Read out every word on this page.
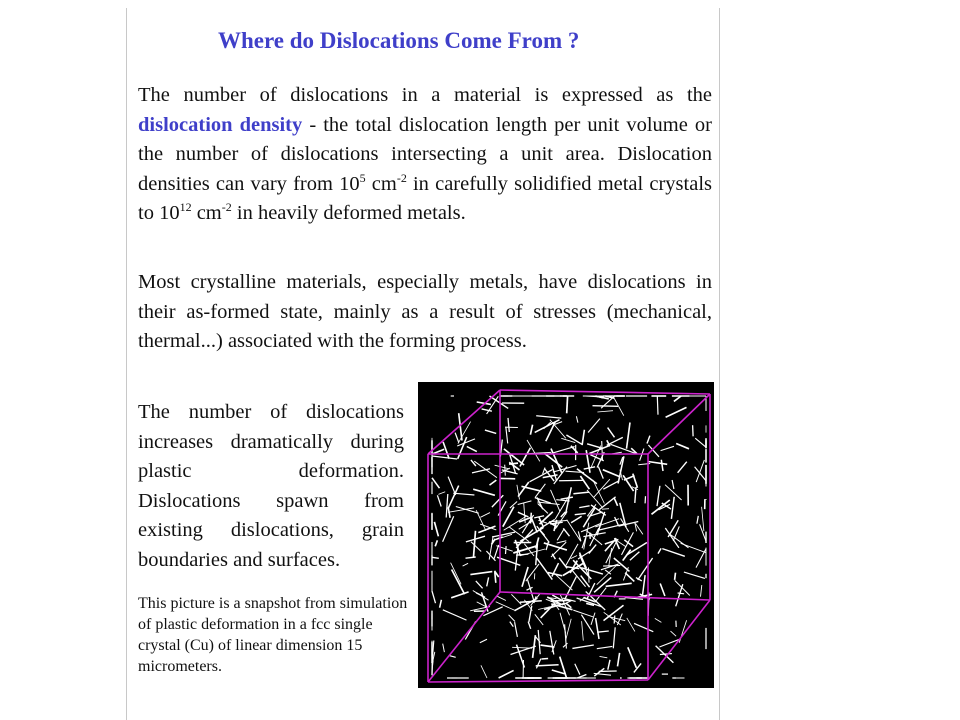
Where do Dislocations Come From ?

The number of dislocations in a material is expressed as the dislocation density - the total dislocation length per unit volume or the number of dislocations intersecting a unit area. Dislocation densities can vary from $10^5$ $cm^{-2}$ in carefully solidified metal crystals to $10^{12}$ $cm^{-2}$ in heavily deformed metals.

Most crystalline materials, especially metals, have dislocations in their as-formed state, mainly as a result of stresses (mechanical, thermal...) associated with the forming process.

The number of dislocations increases dramatically during plastic deformation. Dislocations spawn from existing dislocations, grain boundaries and surfaces.

This picture is a snapshot from simulation of plastic deformation in a fcc single crystal (Cu) of linear dimension 15 micrometers.
